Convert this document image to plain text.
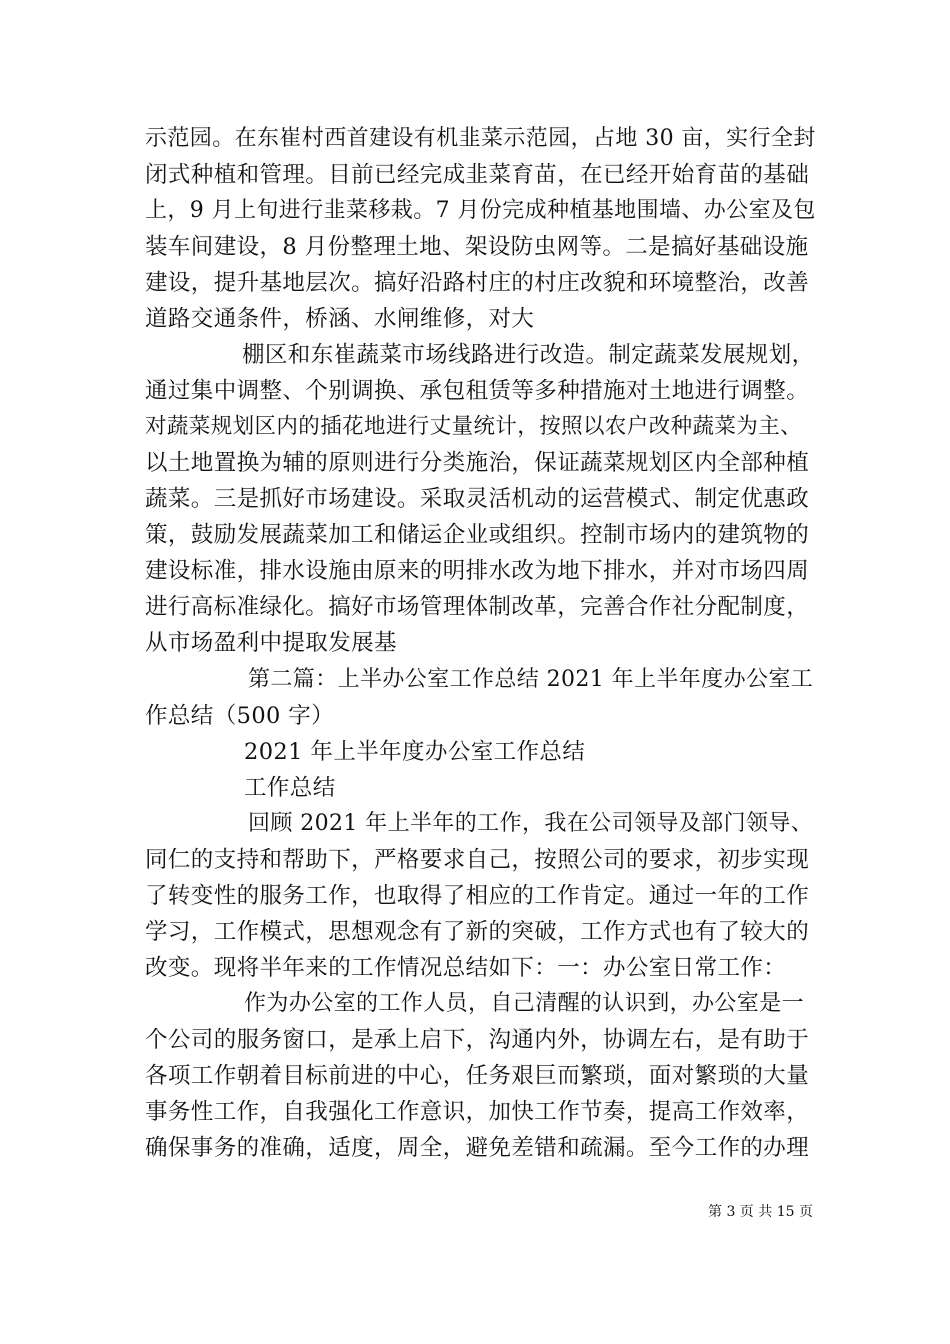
示范园。在东崔村西首建设有机韭菜示范园，占地 30 亩，实行全封
闭式种植和管理。目前已经完成韭菜育苗，在已经开始育苗的基础
上，9 月上旬进行韭菜移栽。7 月份完成种植基地围墙、办公室及包
装车间建设，8 月份整理土地、架设防虫网等。二是搞好基础设施
建设，提升基地层次。搞好沿路村庄的村庄改貌和环境整治，改善
道路交通条件，桥涵、水闸维修，对大
棚区和东崔蔬菜市场线路进行改造。制定蔬菜发展规划，
通过集中调整、个别调换、承包租赁等多种措施对土地进行调整。
对蔬菜规划区内的插花地进行丈量统计，按照以农户改种蔬菜为主、
以土地置换为辅的原则进行分类施治，保证蔬菜规划区内全部种植
蔬菜。三是抓好市场建设。采取灵活机动的运营模式、制定优惠政
策，鼓励发展蔬菜加工和储运企业或组织。控制市场内的建筑物的
建设标准，排水设施由原来的明排水改为地下排水，并对市场四周
进行高标准绿化。搞好市场管理体制改革，完善合作社分配制度，
从市场盈利中提取发展基
第二篇：上半办公室工作总结 2021 年上半年度办公室工
作总结（500 字）
2021 年上半年度办公室工作总结
工作总结
回顾 2021 年上半年的工作，我在公司领导及部门领导、
同仁的支持和帮助下，严格要求自己，按照公司的要求，初步实现
了转变性的服务工作，也取得了相应的工作肯定。通过一年的工作
学习，工作模式，思想观念有了新的突破，工作方式也有了较大的
改变。现将半年来的工作情况总结如下：一：办公室日常工作：
作为办公室的工作人员，自己清醒的认识到，办公室是一
个公司的服务窗口，是承上启下，沟通内外，协调左右，是有助于
各项工作朝着目标前进的中心，任务艰巨而繁琐，面对繁琐的大量
事务性工作，自我强化工作意识，加快工作节奏，提高工作效率，
确保事务的准确，适度，周全，避免差错和疏漏。至今工作的办理
第 3 页 共 15 页
